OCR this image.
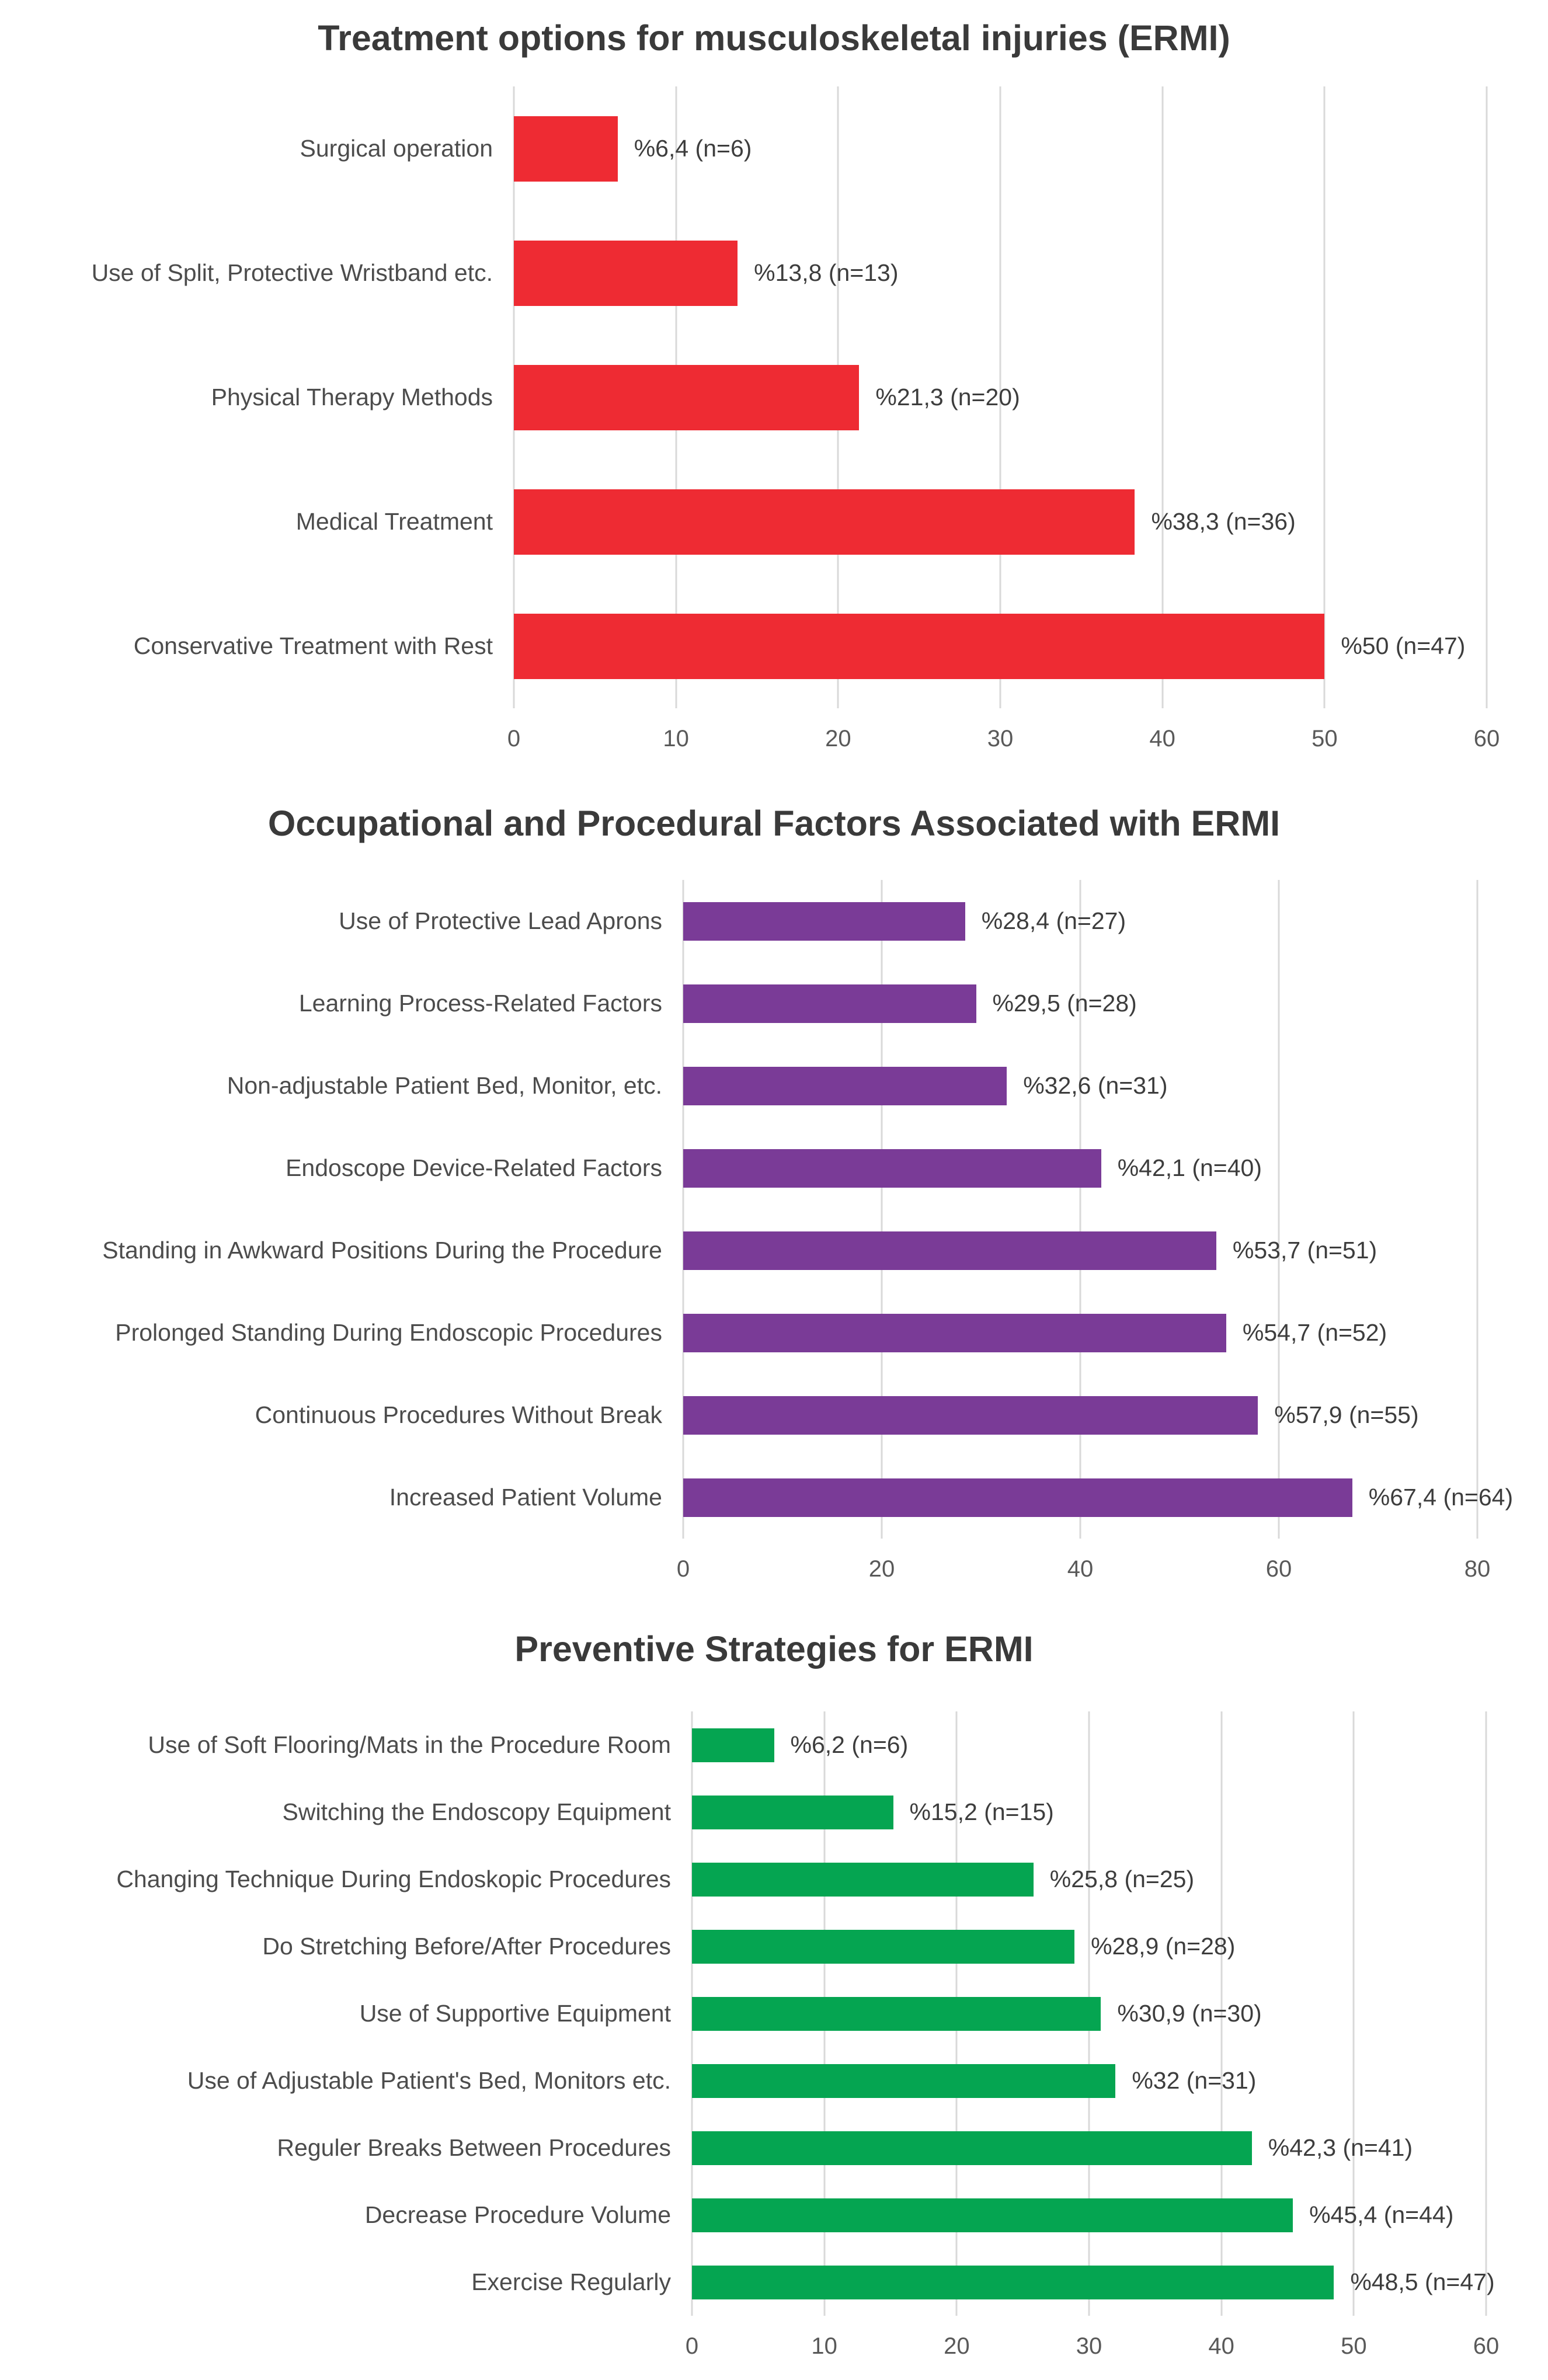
Treatment options for musculoskeletal injuries (ERMI)
Surgical operation
Use of Split, Protective Wristband etc.
Physical Therapy Methods
Medical Treatment
Conservative Treatment with Rest
%6,4 (n=6)
%13,8 (n=13)
%21,3 (n=20)
%38,3 (n=36)
%50 (n=47)
0	10	20	30	40	50	60
Occupational and Procedural Factors Associated with ERMI
Use of Protective Lead Aprons
Learning Process-Related Factors
Non-adjustable Patient Bed, Monitor, etc.
Endoscope Device-Related Factors
Standing in Awkward Positions During the Procedure
Prolonged Standing During Endoscopic Procedures
Continuous Procedures Without Break
Increased Patient Volume
%28,4 (n=27)
%29,5 (n=28)
%32,6 (n=31)
%42,1 (n=40)
%53,7 (n=51)
%54,7 (n=52)
%57,9 (n=55)
%67,4 (n=64)
0	20	40	60	80
Preventive Strategies for ERMI
Use of Soft Flooring/Mats in the Procedure Room
Switching the Endoscopy Equipment
Changing Technique During Endoskopic Procedures
Do Stretching Before/After Procedures
Use of Supportive Equipment
Use of Adjustable Patient's Bed, Monitors etc.
Reguler Breaks Between Procedures
Decrease Procedure Volume
Exercise Regularly
%6,2 (n=6)
%15,2 (n=15)
%25,8 (n=25)
%28,9 (n=28)
%30,9 (n=30)
%32 (n=31)
%42,3 (n=41)
%45,4 (n=44)
%48,5 (n=47)
0	10	20	30	40	50	60
